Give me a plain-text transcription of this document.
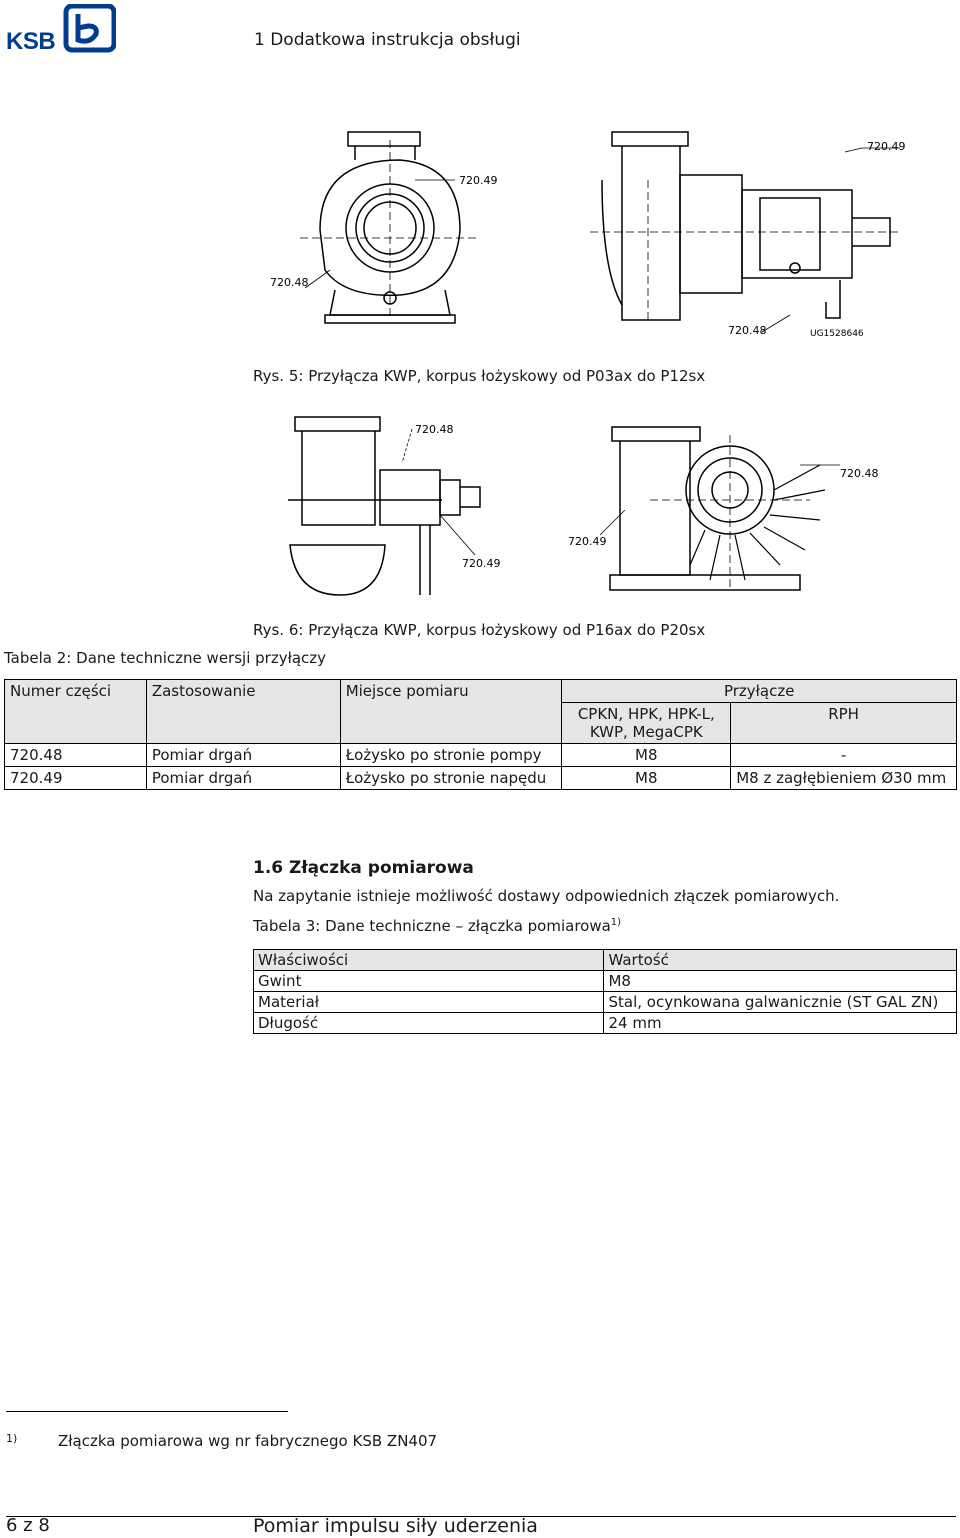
KSB	1 Dodatkowa instrukcja obsługi
720.49
720.48
720.49
720.48	UG1528646
Rys. 5: Przyłącza KWP, korpus łożyskowy od P03ax do P12sx
720.48
720.49
720.49
720.48
Rys. 6: Przyłącza KWP, korpus łożyskowy od P16ax do P20sx
Tabela 2: Dane techniczne wersji przyłączy
Numer części	Zastosowanie	Miejsce pomiaru	Przyłącze	
			CPKN, HPK, HPK-L, KWP, MegaCPK	RPH
720.48	Pomiar drgań	Łożysko po stronie pompy	M8	-
720.49	Pomiar drgań	Łożysko po stronie napędu	M8	M8 z zagłębieniem Ø30 mm
1.6 Złączka pomiarowa
Na zapytanie istnieje możliwość dostawy odpowiednich złączek pomiarowych.
Tabela 3: Dane techniczne – złączka pomiarowa$^{1)}$
Właściwości	Wartość
Gwint	M8
Materiał	Stal, ocynkowana galwanicznie (ST GAL ZN)
Długość	24 mm
1)	Złączka pomiarowa wg nr fabrycznego KSB ZN407
6 z 8	Pomiar impulsu siły uderzenia
